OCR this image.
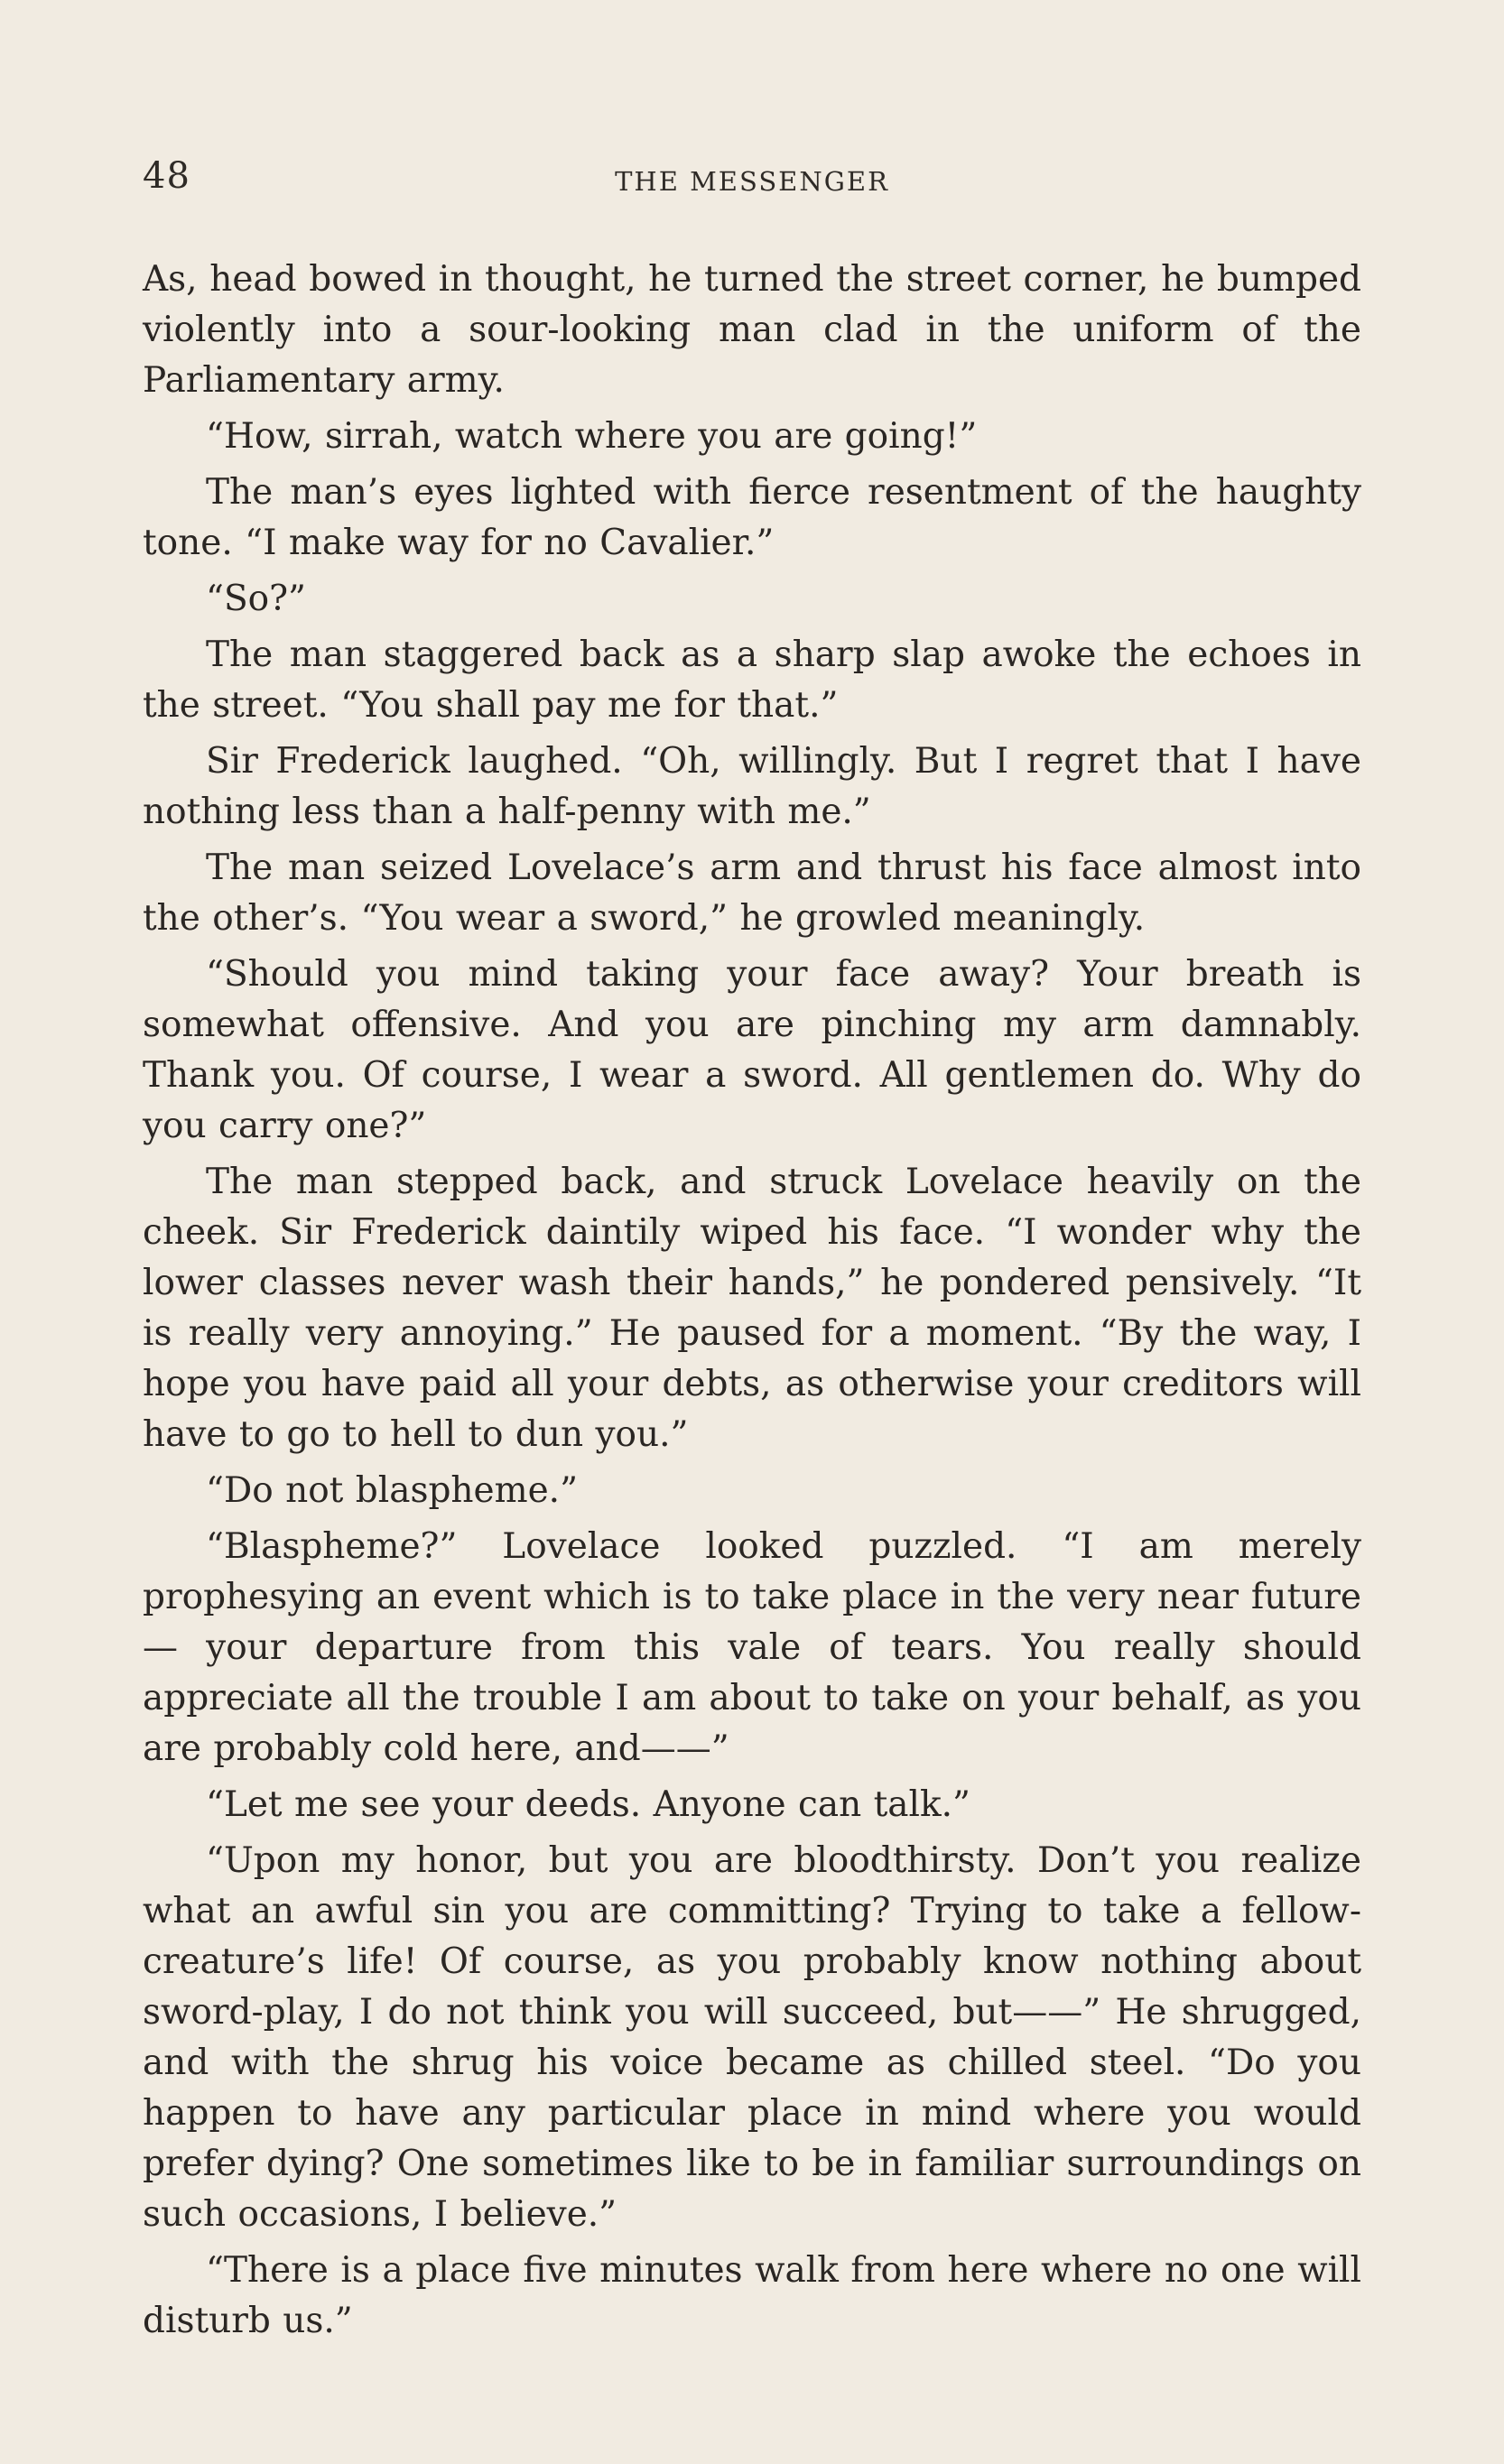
48	THE MESSENGER

As, head bowed in thought, he turned the street corner, he bumped violently into a sour-looking man clad in the uniform of the Parliamentary army.

“How, sirrah, watch where you are going!”

The man’s eyes lighted with fierce resentment of the haughty tone. “I make way for no Cavalier.”

“So?”

The man staggered back as a sharp slap awoke the echoes in the street. “You shall pay me for that.”

Sir Frederick laughed. “Oh, willingly. But I regret that I have nothing less than a half-penny with me.”

The man seized Lovelace’s arm and thrust his face almost into the other’s. “You wear a sword,” he growled meaningly.

“Should you mind taking your face away? Your breath is somewhat offensive. And you are pinching my arm damnably. Thank you. Of course, I wear a sword. All gentlemen do. Why do you carry one?”

The man stepped back, and struck Lovelace heavily on the cheek. Sir Frederick daintily wiped his face. “I wonder why the lower classes never wash their hands,” he pondered pensively. “It is really very annoying.” He paused for a moment. “By the way, I hope you have paid all your debts, as otherwise your creditors will have to go to hell to dun you.”

“Do not blaspheme.”

“Blaspheme?” Lovelace looked puzzled. “I am merely prophesying an event which is to take place in the very near future — your departure from this vale of tears. You really should appreciate all the trouble I am about to take on your behalf, as you are probably cold here, and——”

“Let me see your deeds. Anyone can talk.”

“Upon my honor, but you are bloodthirsty. Don’t you realize what an awful sin you are committing? Trying to take a fellow-creature’s life! Of course, as you probably know nothing about sword-play, I do not think you will succeed, but——” He shrugged, and with the shrug his voice became as chilled steel. “Do you happen to have any particular place in mind where you would prefer dying? One sometimes like to be in familiar surroundings on such occasions, I believe.”

“There is a place five minutes walk from here where no one will disturb us.”
